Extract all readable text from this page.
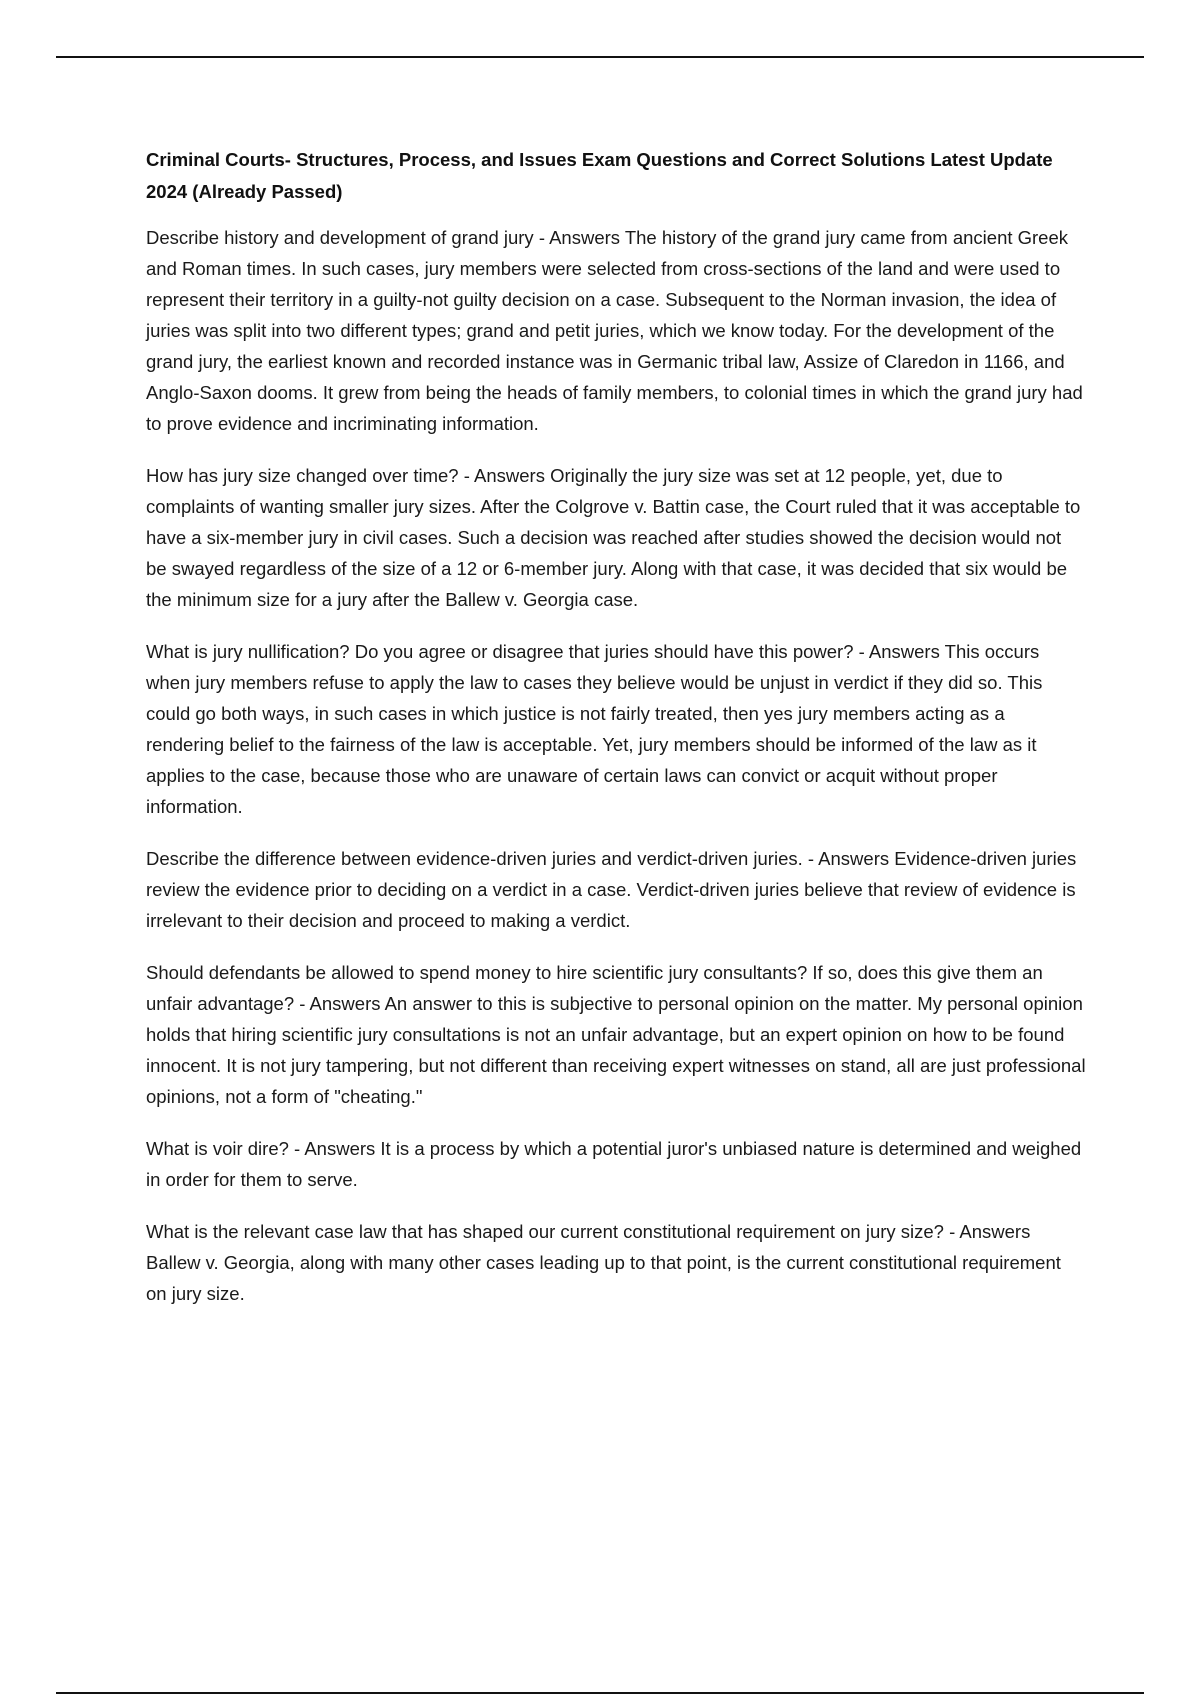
Criminal Courts- Structures, Process, and Issues Exam Questions and Correct Solutions Latest Update 2024 (Already Passed)

Describe history and development of grand jury - Answers The history of the grand jury came from ancient Greek and Roman times. In such cases, jury members were selected from cross-sections of the land and were used to represent their territory in a guilty-not guilty decision on a case. Subsequent to the Norman invasion, the idea of juries was split into two different types; grand and petit juries, which we know today. For the development of the grand jury, the earliest known and recorded instance was in Germanic tribal law, Assize of Claredon in 1166, and Anglo-Saxon dooms. It grew from being the heads of family members, to colonial times in which the grand jury had to prove evidence and incriminating information.

How has jury size changed over time? - Answers Originally the jury size was set at 12 people, yet, due to complaints of wanting smaller jury sizes. After the Colgrove v. Battin case, the Court ruled that it was acceptable to have a six-member jury in civil cases. Such a decision was reached after studies showed the decision would not be swayed regardless of the size of a 12 or 6-member jury. Along with that case, it was decided that six would be the minimum size for a jury after the Ballew v. Georgia case.

What is jury nullification? Do you agree or disagree that juries should have this power? - Answers This occurs when jury members refuse to apply the law to cases they believe would be unjust in verdict if they did so. This could go both ways, in such cases in which justice is not fairly treated, then yes jury members acting as a rendering belief to the fairness of the law is acceptable. Yet, jury members should be informed of the law as it applies to the case, because those who are unaware of certain laws can convict or acquit without proper information.

Describe the difference between evidence-driven juries and verdict-driven juries. - Answers Evidence-driven juries review the evidence prior to deciding on a verdict in a case. Verdict-driven juries believe that review of evidence is irrelevant to their decision and proceed to making a verdict.

Should defendants be allowed to spend money to hire scientific jury consultants? If so, does this give them an unfair advantage? - Answers An answer to this is subjective to personal opinion on the matter. My personal opinion holds that hiring scientific jury consultations is not an unfair advantage, but an expert opinion on how to be found innocent. It is not jury tampering, but not different than receiving expert witnesses on stand, all are just professional opinions, not a form of "cheating."

What is voir dire? - Answers It is a process by which a potential juror's unbiased nature is determined and weighed in order for them to serve.

What is the relevant case law that has shaped our current constitutional requirement on jury size? - Answers Ballew v. Georgia, along with many other cases leading up to that point, is the current constitutional requirement on jury size.
